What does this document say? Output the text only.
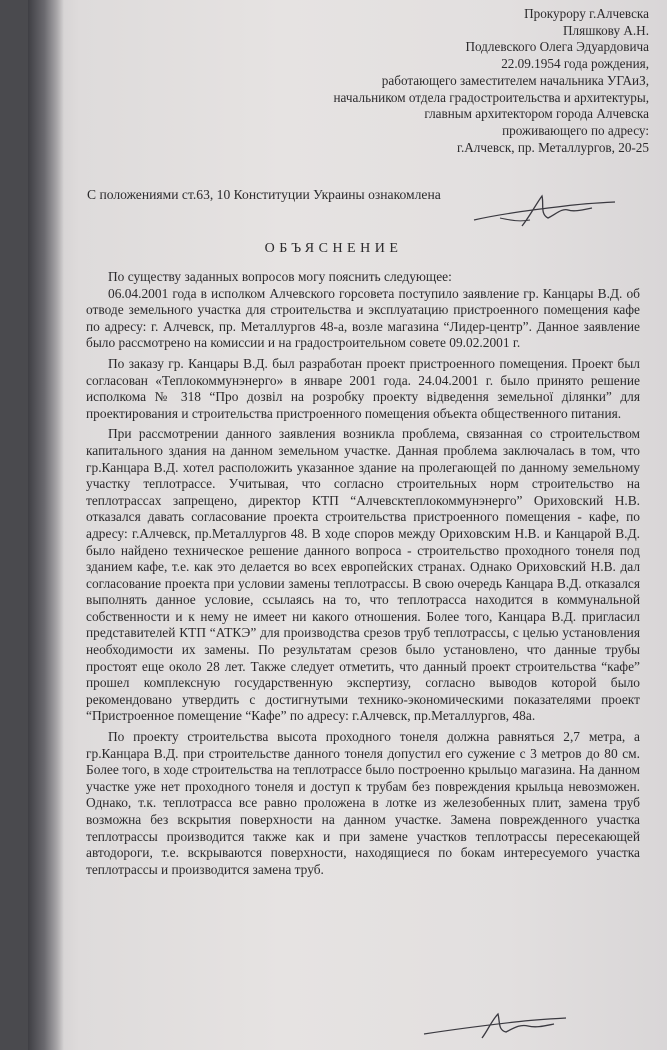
Прокурору г.Алчевска
Пляшкову А.Н.
Подлевского Олега Эдуардовича
22.09.1954 года рождения,
работающего заместителем начальника УГАиЗ,
начальником отдела градостроительства и архитектуры,
главным архитектором города Алчевска
проживающего по адресу:
г.Алчевск, пр. Металлургов, 20-25
С положениями ст.63, 10 Конституции Украины ознакомлена
ОБЪЯСНЕНИЕ

По существу заданных вопросов могу пояснить следующее:

06.04.2001 года в исполком Алчевского горсовета поступило заявление гр. Канцары В.Д. об отводе земельного участка для строительства и эксплуатацию пристроенного помещения кафе по адресу: г. Алчевск, пр. Металлургов 48-а, возле магазина “Лидер-центр”. Данное заявление было рассмотрено на комиссии и на градостроительном совете 09.02.2001 г.

По заказу гр. Канцары В.Д. был разработан проект пристроенного помещения. Проект был согласован «Теплокоммунэнерго» в январе 2001 года. 24.04.2001 г. было принято решение исполкома № 318 “Про дозвіл на розробку проекту відведення земельної ділянки” для проектирования и строительства пристроенного помещения объекта общественного питания.

При рассмотрении данного заявления возникла проблема, связанная со строительством капитального здания на данном земельном участке. Данная проблема заключалась в том, что гр.Канцара В.Д. хотел расположить указанное здание на пролегающей по данному земельному участку теплотрассе. Учитывая, что согласно строительных норм строительство на теплотрассах запрещено, директор КТП “Алчевсктеплокоммунэнерго” Ориховский Н.В. отказался давать согласование проекта строительства пристроенного помещения - кафе, по адресу: г.Алчевск, пр.Металлургов 48. В ходе споров между Ориховским Н.В. и Канцарой В.Д. было найдено техническое решение данного вопроса - строительство проходного тонеля под зданием кафе, т.е. как это делается во всех европейских странах. Однако Ориховский Н.В. дал согласование проекта при условии замены теплотрассы. В свою очередь Канцара В.Д. отказался выполнять данное условие, ссылаясь на то, что теплотрасса находится в коммунальной собственности и к нему не имеет ни какого отношения. Более того, Канцара В.Д. пригласил представителей КТП “АТКЭ” для производства срезов труб теплотрассы, с целью установления необходимости их замены. По результатам срезов было установлено, что данные трубы простоят еще около 28 лет. Также следует отметить, что данный проект строительства “кафе” прошел комплексную государственную экспертизу, согласно выводов которой было рекомендовано утвердить с достигнутыми технико-экономическими показателями проект “Пристроенное помещение “Кафе” по адресу: г.Алчевск, пр.Металлургов, 48а.

По проекту строительства высота проходного тонеля должна равняться 2,7 метра, а гр.Канцара В.Д. при строительстве данного тонеля допустил его сужение с 3 метров до 80 см. Более того, в ходе строительства на теплотрассе было построенно крыльцо магазина. На данном участке уже нет проходного тонеля и доступ к трубам без повреждения крыльца невозможен. Однако, т.к. теплотрасса все равно проложена в лотке из железобенных плит, замена труб возможна без вскрытия поверхности на данном участке. Замена поврежденного участка теплотрассы производится также как и при замене участков теплотрассы пересекающей автодороги, т.е. вскрываются поверхности, находящиеся по бокам интересуемого участка теплотрассы и производится замена труб.
